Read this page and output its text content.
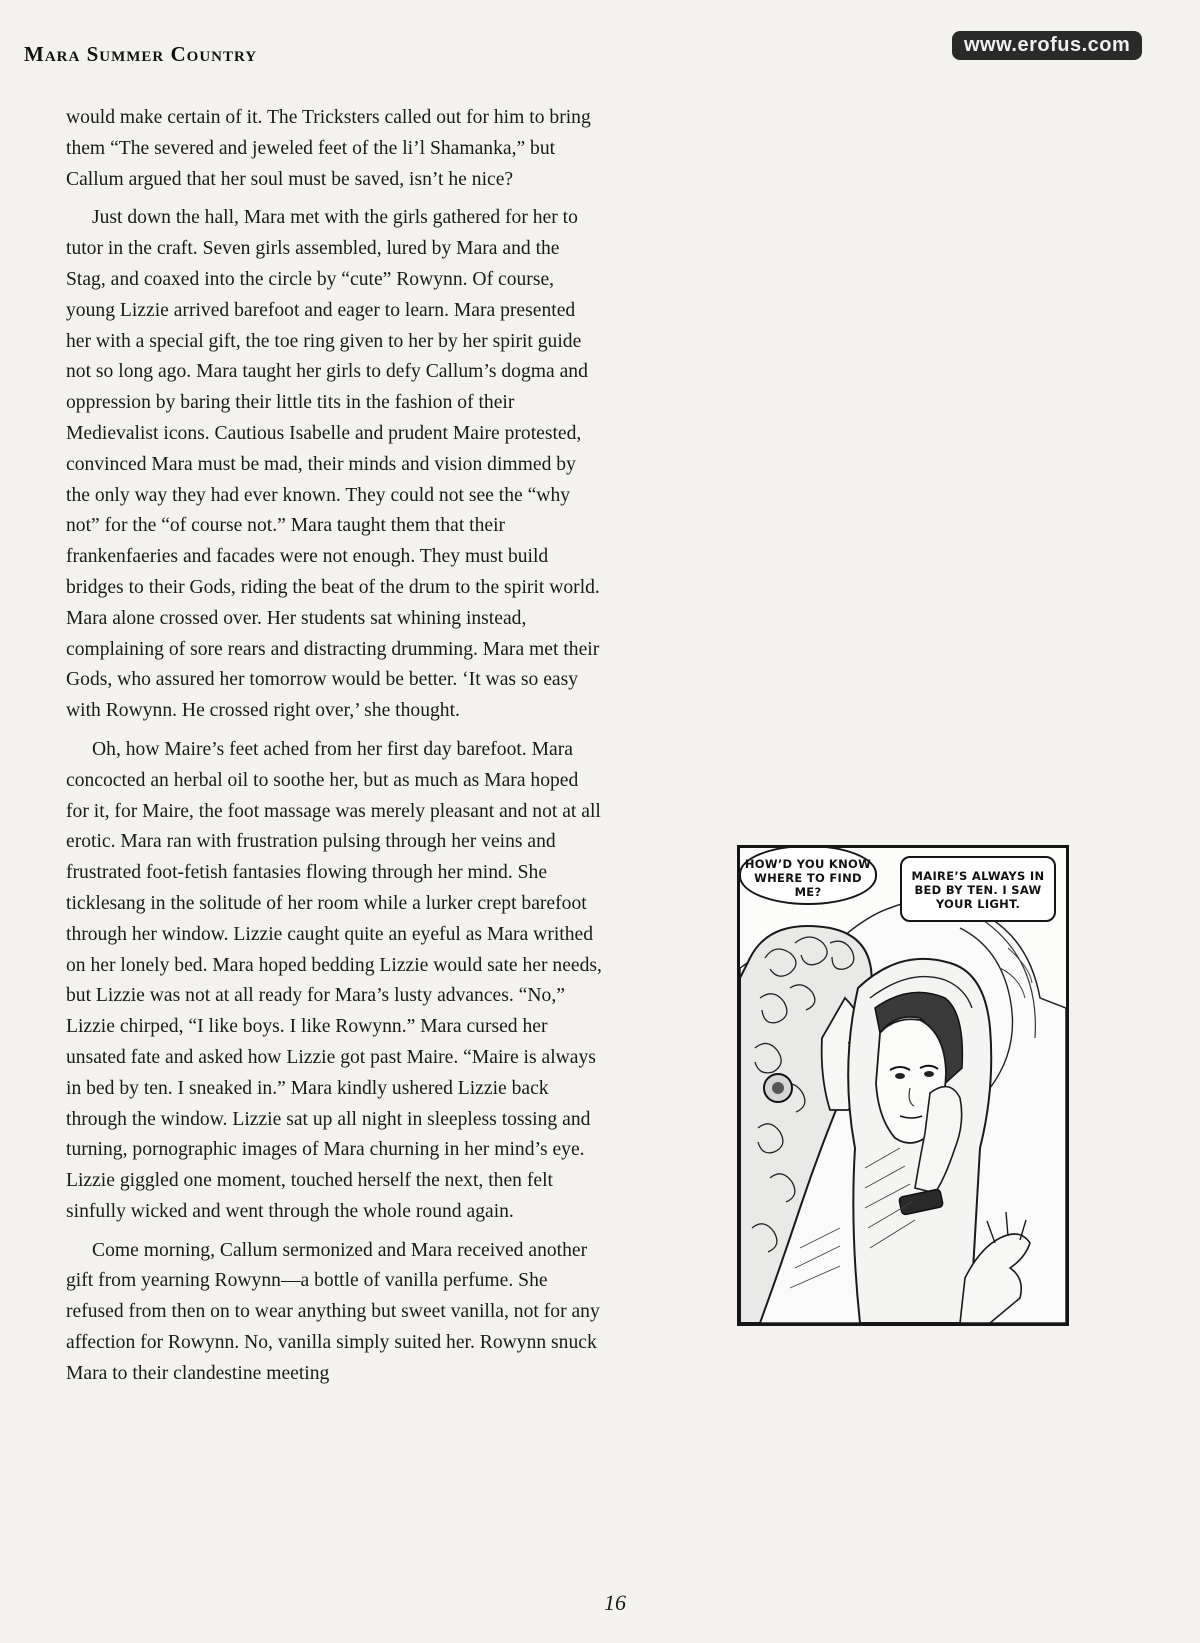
Mara Summer Country	www.erofus.com

would make certain of it. The Tricksters called out for him to bring them “The severed and jeweled feet of the li’l Shamanka,” but Callum argued that her soul must be saved, isn’t he nice?

Just down the hall, Mara met with the girls gathered for her to tutor in the craft. Seven girls assembled, lured by Mara and the Stag, and coaxed into the circle by “cute” Rowynn. Of course, young Lizzie arrived barefoot and eager to learn. Mara presented her with a special gift, the toe ring given to her by her spirit guide not so long ago. Mara taught her girls to defy Callum’s dogma and oppression by baring their little tits in the fashion of their Medievalist icons. Cautious Isabelle and prudent Maire protested, convinced Mara must be mad, their minds and vision dimmed by the only way they had ever known. They could not see the “why not” for the “of course not.” Mara taught them that their frankenfaeries and facades were not enough. They must build bridges to their Gods, riding the beat of the drum to the spirit world. Mara alone crossed over. Her students sat whining instead, complaining of sore rears and distracting drumming. Mara met their Gods, who assured her tomorrow would be better. ‘It was so easy with Rowynn. He crossed right over,’ she thought.

Oh, how Maire’s feet ached from her first day barefoot. Mara concocted an herbal oil to soothe her, but as much as Mara hoped for it, for Maire, the foot massage was merely pleasant and not at all erotic. Mara ran with frustration pulsing through her veins and frustrated foot-fetish fantasies flowing through her mind. She ticklesang in the solitude of her room while a lurker crept barefoot through her window. Lizzie caught quite an eyeful as Mara writhed on her lonely bed. Mara hoped bedding Lizzie would sate her needs, but Lizzie was not at all ready for Mara’s lusty advances. “No,” Lizzie chirped, “I like boys. I like Rowynn.” Mara cursed her unsated fate and asked how Lizzie got past Maire. “Maire is always in bed by ten. I sneaked in.” Mara kindly ushered Lizzie back through the window. Lizzie sat up all night in sleepless tossing and turning, pornographic images of Mara churning in her mind’s eye. Lizzie giggled one moment, touched herself the next, then felt sinfully wicked and went through the whole round again.

Come morning, Callum sermonized and Mara received another gift from yearning Rowynn—a bottle of vanilla perfume. She refused from then on to wear anything but sweet vanilla, not for any affection for Rowynn. No, vanilla simply suited her. Rowynn snuck Mara to their clandestine meeting

HOW’D YOU KNOW WHERE TO FIND ME?
MAIRE’S ALWAYS IN BED BY TEN. I SAW YOUR LIGHT.
16
